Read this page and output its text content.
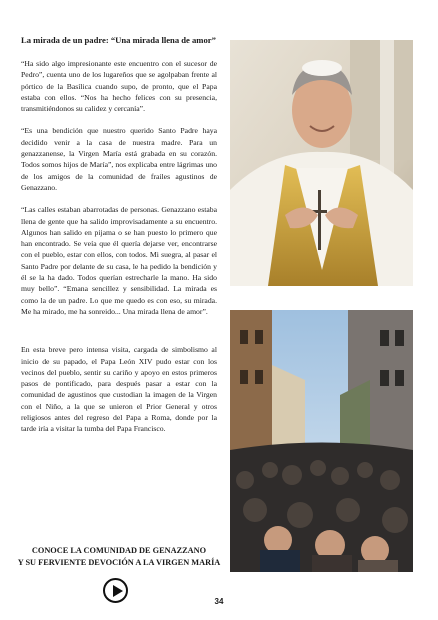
La mirada de un padre: “Una mirada llena de amor”

“Ha sido algo impresionante este encuentro con el sucesor de Pedro”, cuenta uno de los lugareños que se agolpaban frente al pórtico de la Basílica cuando supo, de pronto, que el Papa estaba con ellos. “Nos ha hecho felices con su presencia, transmitiéndonos su calidez y cercanía”.

“Es una bendición que nuestro querido Santo Padre haya decidido venir a la casa de nuestra madre. Para un genazzanense, la Virgen María está grabada en su corazón. Todos somos hijos de María”, nos explicaba entre lágrimas uno de los amigos de la comunidad de frailes agustinos de Genazzano.

“Las calles estaban abarrotadas de personas. Genazzano estaba llena de gente que ha salido improvisadamente a su encuentro. Algunos han salido en pijama o se han puesto lo primero que han encontrado. Se veía que él quería dejarse ver, encontrarse con el pueblo, estar con ellos, con todos. Mi suegra, al pasar el Santo Padre por delante de su casa, le ha pedido la bendición y él se la ha dado. Todos querían estrecharle la mano. Ha sido muy bello”. “Emana sencillez y sensibilidad. La mirada es como la de un padre. Lo que me quedo es con eso, su mirada. Me ha mirado, me ha sonreido... Una mirada llena de amor”.

En esta breve pero intensa visita, cargada de simbolismo al inicio de su papado, el Papa León XIV pudo estar con los vecinos del pueblo, sentir su cariño y apoyo en estos primeros pasos de pontificado, para después pasar a estar con la comunidad de agustinos que custodian la imagen de la Virgen con el Niño, a la que se unieron el Prior General y otros religiosos antes del regreso del Papa a Roma, donde por la tarde iría a visitar la tumba del Papa Francisco.

CONOCE LA COMUNIDAD DE GENAZZANO
Y SU FERVIENTE DEVOCIÓN A LA VIRGEN MARÍA
34
